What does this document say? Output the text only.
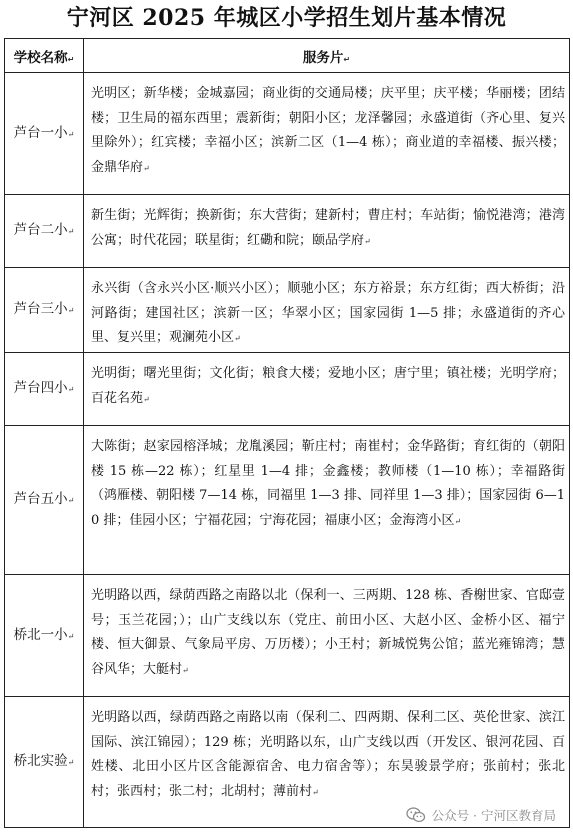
宁河区 2025 年城区小学招生划片基本情况
学校名称↵	服务片↵
芦台一小↵	光明区；新华楼；金城嘉园；商业街的交通局楼；庆平里；庆平楼；华丽楼；团结楼；卫生局的福东西里；震新街；朝阳小区；龙泽馨园；永盛道街（齐心里、复兴里除外）；红宾楼；幸福小区；滨新二区（1—4 栋）；商业道的幸福楼、振兴楼；金鼎华府↵
芦台二小↵	新生街；光辉街；换新街；东大营街；建新村；曹庄村；车站街；愉悦港湾；港湾公寓；时代花园；联星街；红磡和院；颐品学府↵
芦台三小↵	永兴街（含永兴小区·顺兴小区）；顺驰小区；东方裕景；东方红街；西大桥街；沿河路街；建国社区；滨新一区；华翠小区；国家园街 1—5 排；永盛道街的齐心里、复兴里；观澜苑小区↵
芦台四小↵	光明街；曙光里街；文化街；粮食大楼；爱地小区；唐宁里；镇社楼；光明学府；百花名苑↵
芦台五小↵	大陈街；赵家园榕泽城；龙胤溪园；靳庄村；南崔村；金华路街；育红街的（朝阳楼 15 栋—22 栋）；红星里 1—4 排；金鑫楼；教师楼（1—10 栋）；幸福路街（鸿雁楼、朝阳楼 7—14 栋，同福里 1—3 排、同祥里 1—3 排）；国家园街 6—10 排；佳园小区；宁福花园；宁海花园；福康小区；金海湾小区↵
桥北一小↵	光明路以西，绿荫西路之南路以北（保利一、三两期、128 栋、香榭世家、官邸壹号；玉兰花园；）；山广支线以东（党庄、前田小区、大赵小区、金桥小区、福宁楼、恒大御景、气象局平房、万历楼）；小王村；新城悦隽公馆；蓝光雍锦湾；慧谷风华；大艇村↵
桥北实验↵	光明路以西，绿荫西路之南路以南（保利二、四两期、保利二区、英伦世家、滨江国际、滨江锦园）；129 栋；光明路以东，山广支线以西（开发区、银河花园、百姓楼、北田小区片区含能源宿舍、电力宿舍等）；东昊骏景学府；张前村；张北村；张西村；张二村；北胡村；薄前村↵
公众号 · 宁河区教育局
